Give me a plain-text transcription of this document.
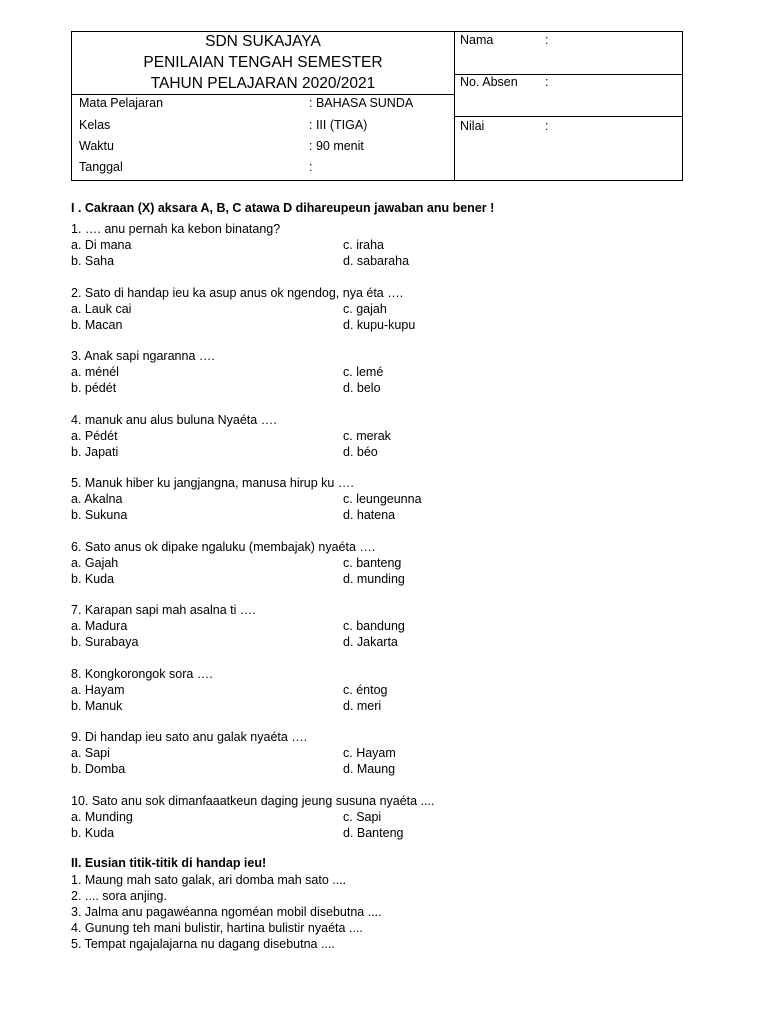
SDN SUKAJAYA
PENILAIAN TENGAH SEMESTER
TAHUN PELAJARAN 2020/2021
Mata Pelajaran	: BAHASA SUNDA
Kelas	: III (TIGA)
Waktu	: 90 menit
Tanggal	:
Nama	:
No. Absen :
Nilai	:
I . Cakraan (X) aksara A, B, C atawa D dihareupeun jawaban anu bener !
1. …. anu pernah ka kebon binatang?
a. Di mana	c. iraha
b. Saha	d. sabaraha
2. Sato di handap ieu ka asup anus ok ngendog, nya éta ….
a. Lauk cai	c. gajah
b. Macan	d. kupu-kupu
3. Anak sapi ngaranna ….
a. ménél	c. lemé
b. pédét	d. belo
4. manuk anu alus buluna Nyaéta ….
a. Pédét	c. merak
b. Japati	d. béo
5. Manuk hiber ku jangjangna, manusa hirup ku ….
a. Akalna	c. leungeunna
b. Sukuna	d. hatena
6. Sato anus ok dipake ngaluku (membajak) nyaéta ….
a. Gajah	c. banteng
b. Kuda	d. munding
7. Karapan sapi mah asalna ti ….
a. Madura	c. bandung
b. Surabaya	d. Jakarta
8. Kongkorongok sora ….
a. Hayam	c. éntog
b. Manuk	d. meri
9. Di handap ieu sato anu galak nyaéta ….
a. Sapi	c. Hayam
b. Domba	d. Maung
10. Sato anu sok dimanfaaatkeun daging jeung susuna nyaéta ....
a. Munding	c. Sapi
b. Kuda	d. Banteng
II. Eusian titik-titik di handap ieu!
1. Maung mah sato galak, ari domba mah sato ....
2. .... sora anjing.
3. Jalma anu pagawéanna ngoméan mobil disebutna ....
4. Gunung teh mani bulistir, hartina bulistir nyaéta ....
5. Tempat ngajalajarna nu dagang disebutna ....
